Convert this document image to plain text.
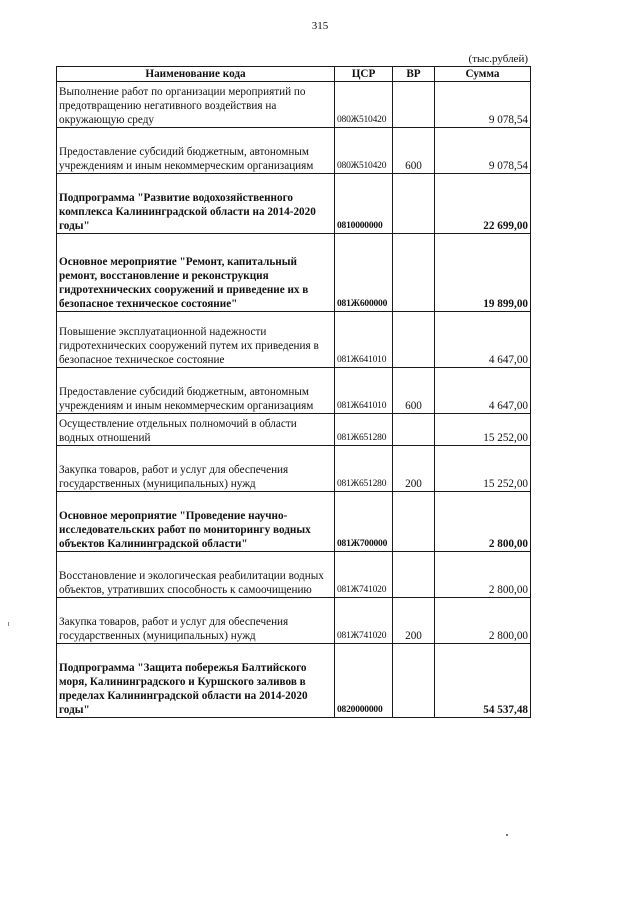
315
(тыс.рублей)
Наименование кода	ЦСР	ВР	Сумма
Выполнение работ по организации мероприятий по предотвращению негативного воздействия на окружающую среду	080Ж510420		9 078,54
Предоставление субсидий бюджетным, автономным учреждениям и иным некоммерческим организациям	080Ж510420	600	9 078,54
Подпрограмма "Развитие водохозяйственного комплекса Калининградской области на 2014-2020 годы"	0810000000		22 699,00
Основное мероприятие "Ремонт, капитальный ремонт, восстановление и реконструкция гидротехнических сооружений и приведение их в безопасное техническое состояние"	081Ж600000		19 899,00
Повышение эксплуатационной надежности гидротехнических сооружений путем их приведения в безопасное техническое состояние	081Ж641010		4 647,00
Предоставление субсидий бюджетным, автономным учреждениям и иным некоммерческим организациям	081Ж641010	600	4 647,00
Осуществление отдельных полномочий в области водных отношений	081Ж651280		15 252,00
Закупка товаров, работ и услуг для обеспечения государственных (муниципальных) нужд	081Ж651280	200	15 252,00
Основное мероприятие "Проведение научно-исследовательских работ по мониторингу водных объектов Калининградской области"	081Ж700000		2 800,00
Восстановление и экологическая реабилитации водных объектов, утративших способность к самоочищению	081Ж741020		2 800,00
Закупка товаров, работ и услуг для обеспечения государственных (муниципальных) нужд	081Ж741020	200	2 800,00
Подпрограмма "Защита побережья Балтийского моря, Калининградского и Куршского заливов в пределах Калининградской области на 2014-2020 годы"	0820000000		54 537,48
